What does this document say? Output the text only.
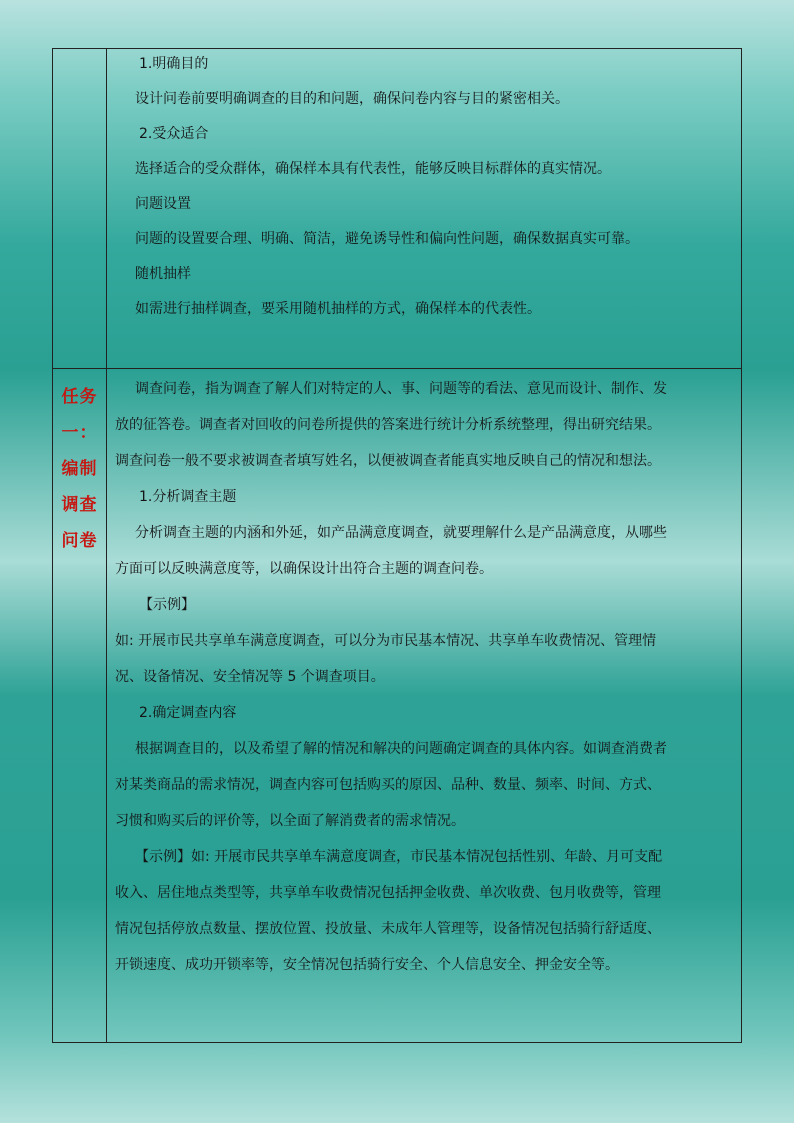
1.明确目的

设计问卷前要明确调查的目的和问题，确保问卷内容与目的紧密相关。

2.受众适合

选择适合的受众群体，确保样本具有代表性，能够反映目标群体的真实情况。

问题设置

问题的设置要合理、明确、简洁，避免诱导性和偏向性问题，确保数据真实可靠。

随机抽样

如需进行抽样调查，要采用随机抽样的方式，确保样本的代表性。

任务一：编制调查问卷

调查问卷，指为调查了解人们对特定的人、事、问题等的看法、意见而设计、制作、发

放的征答卷。调查者对回收的问卷所提供的答案进行统计分析系统整理，得出研究结果。

调查问卷一般不要求被调查者填写姓名，以便被调查者能真实地反映自己的情况和想法。

1.分析调查主题

分析调查主题的内涵和外延，如产品满意度调查，就要理解什么是产品满意度，从哪些

方面可以反映满意度等，以确保设计出符合主题的调查问卷。

【示例】

如: 开展市民共享单车满意度调查，可以分为市民基本情况、共享单车收费情况、管理情

况、设备情况、安全情况等 5 个调查项目。

2.确定调查内容

根据调查目的，以及希望了解的情况和解决的问题确定调查的具体内容。如调查消费者

对某类商品的需求情况，调查内容可包括购买的原因、品种、数量、频率、时间、方式、

习惯和购买后的评价等，以全面了解消费者的需求情况。

【示例】如: 开展市民共享单车满意度调查，市民基本情况包括性别、年龄、月可支配

收入、居住地点类型等，共享单车收费情况包括押金收费、单次收费、包月收费等，管理

情况包括停放点数量、摆放位置、投放量、未成年人管理等，设备情况包括骑行舒适度、

开锁速度、成功开锁率等，安全情况包括骑行安全、个人信息安全、押金安全等。
